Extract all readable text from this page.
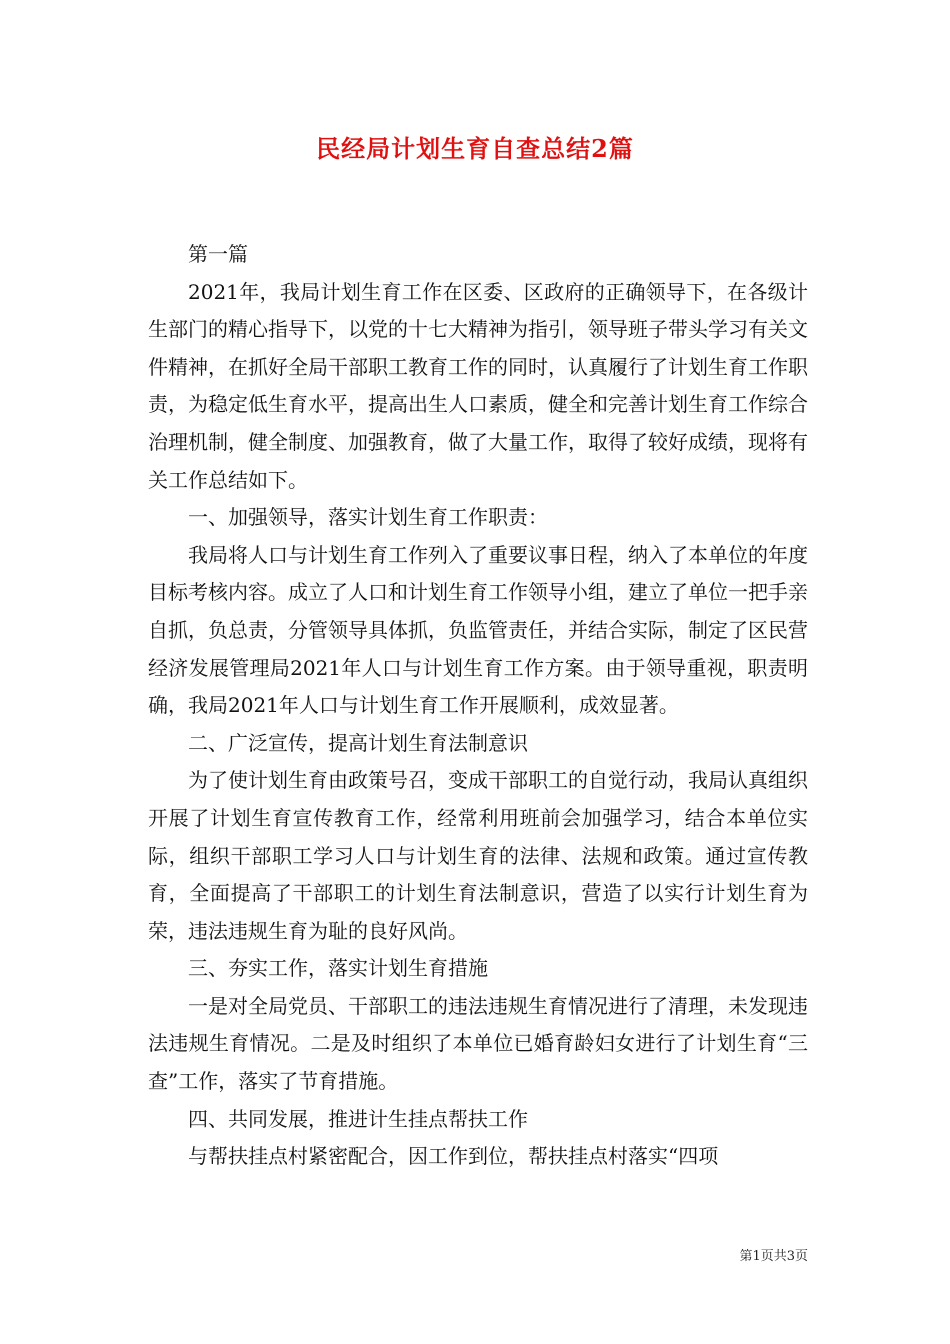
民经局计划生育自查总结2篇

第一篇

2021年，我局计划生育工作在区委、区政府的正确领导下，在各级计生部门的精心指导下，以党的十七大精神为指引，领导班子带头学习有关文件精神，在抓好全局干部职工教育工作的同时，认真履行了计划生育工作职责，为稳定低生育水平，提高出生人口素质，健全和完善计划生育工作综合治理机制，健全制度、加强教育，做了大量工作，取得了较好成绩，现将有关工作总结如下。

一、加强领导，落实计划生育工作职责：

我局将人口与计划生育工作列入了重要议事日程，纳入了本单位的年度目标考核内容。成立了人口和计划生育工作领导小组，建立了单位一把手亲自抓，负总责，分管领导具体抓，负监管责任，并结合实际，制定了区民营经济发展管理局2021年人口与计划生育工作方案。由于领导重视，职责明确，我局2021年人口与计划生育工作开展顺利，成效显著。

二、广泛宣传，提高计划生育法制意识

为了使计划生育由政策号召，变成干部职工的自觉行动，我局认真组织开展了计划生育宣传教育工作，经常利用班前会加强学习，结合本单位实际，组织干部职工学习人口与计划生育的法律、法规和政策。通过宣传教育，全面提高了干部职工的计划生育法制意识，营造了以实行计划生育为荣，违法违规生育为耻的良好风尚。

三、夯实工作，落实计划生育措施

一是对全局党员、干部职工的违法违规生育情况进行了清理，未发现违法违规生育情况。二是及时组织了本单位已婚育龄妇女进行了计划生育“三查”工作，落实了节育措施。

四、共同发展，推进计生挂点帮扶工作

与帮扶挂点村紧密配合，因工作到位，帮扶挂点村落实“四项

第1页共3页
